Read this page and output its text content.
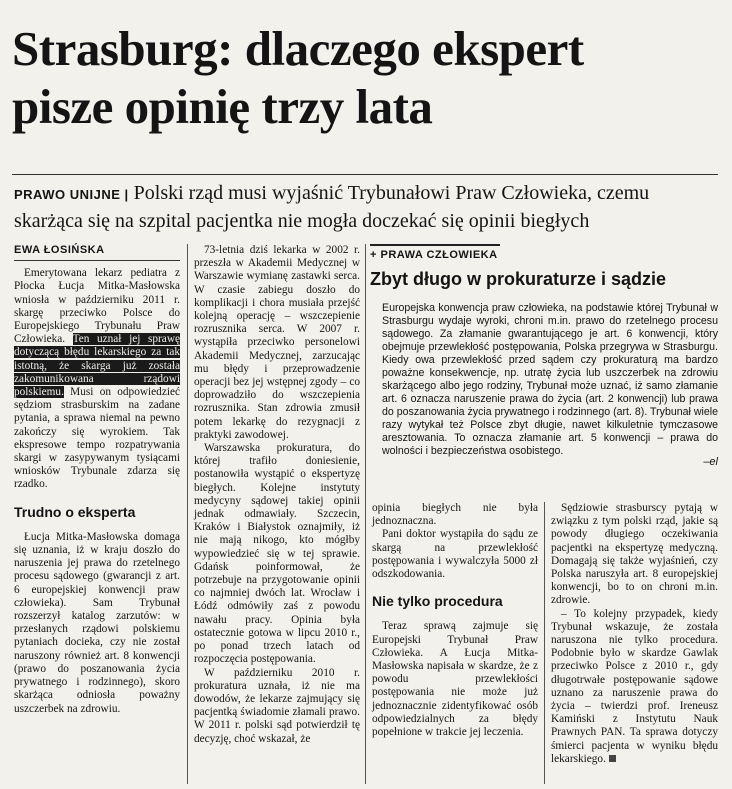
Strasburg: dlaczego ekspert
pisze opinię trzy lata
PRAWO UNIJNE | Polski rząd musi wyjaśnić Trybunałowi Praw Człowieka, czemu skarżąca się na szpital pacjentka nie mogła doczekać się opinii biegłych
EWA ŁOSIŃSKA

Emerytowana lekarz pediatra z Płocka Łucja Mitka-Masłowska wniosła w październiku 2011 r. skargę przeciwko Polsce do Europejskiego Trybunału Praw Człowieka. Ten uznał jej sprawę dotyczącą błędu lekarskiego za tak istotną, że skarga już została zakomunikowana rządowi polskiemu. Musi on odpowiedzieć sędziom strasburskim na zadane pytania, a sprawa niemal na pewno zakończy się wyrokiem. Tak ekspresowe tempo rozpatrywania skargi w zasypywanym tysiącami wniosków Trybunale zdarza się rzadko.

Trudno o eksperta

Łucja Mitka-Masłowska domaga się uznania, iż w kraju doszło do naruszenia jej prawa do rzetelnego procesu sądowego (gwarancji z art. 6 europejskiej konwencji praw człowieka). Sam Trybunał rozszerzył katalog zarzutów: w przesłanych rządowi polskiemu pytaniach docieka, czy nie został naruszony również art. 8 konwencji (prawo do poszanowania życia prywatnego i rodzinnego), skoro skarżąca odniosła poważny uszczerbek na zdrowiu.

73-letnia dziś lekarka w 2002 r. przeszła w Akademii Medycznej w Warszawie wymianę zastawki serca. W czasie zabiegu doszło do komplikacji i chora musiała przejść kolejną operację – wszczepienie rozrusznika serca. W 2007 r. wystąpiła przeciwko personelowi Akademii Medycznej, zarzucając mu błędy i przeprowadzenie operacji bez jej wstępnej zgody – co doprowadziło do wszczepienia rozrusznika. Stan zdrowia zmusił potem lekarkę do rezygnacji z praktyki zawodowej.

Warszawska prokuratura, do której trafiło doniesienie, postanowiła wystąpić o ekspertyzę biegłych. Kolejne instytuty medycyny sądowej takiej opinii jednak odmawiały. Szczecin, Kraków i Białystok oznajmiły, iż nie mają nikogo, kto mógłby wypowiedzieć się w tej sprawie. Gdańsk poinformował, że potrzebuje na przygotowanie opinii co najmniej dwóch lat. Wrocław i Łódź odmówiły zaś z powodu nawału pracy. Opinia była ostatecznie gotowa w lipcu 2010 r., po ponad trzech latach od rozpoczęcia postępowania.

W październiku 2010 r. prokuratura uznała, iż nie ma dowodów, że lekarze zajmujący się pacjentką świadomie złamali prawo. W 2011 r. polski sąd potwierdził tę decyzję, choć wskazał, że

+ PRAWA CZŁOWIEKA
Zbyt długo w prokuraturze i sądzie
Europejska konwencja praw człowieka, na podstawie której Trybunał w Strasburgu wydaje wyroki, chroni m.in. prawo do rzetelnego procesu sądowego. Za złamanie gwarantującego je art. 6 konwencji, który obejmuje przewlekłość postępowania, Polska przegrywa w Strasburgu. Kiedy owa przewlekłość przed sądem czy prokuraturą ma bardzo poważne konsekwencje, np. utratę życia lub uszczerbek na zdrowiu skarżącego albo jego rodziny, Trybunał może uznać, iż samo złamanie art. 6 oznacza naruszenie prawa do życia (art. 2 konwencji) lub prawa do poszanowania życia prywatnego i rodzinnego (art. 8). Trybunał wiele razy wytykał też Polsce zbyt długie, nawet kilkuletnie tymczasowe aresztowania. To oznacza złamanie art. 5 konwencji – prawa do wolności i bezpieczeństwa osobistego.
–el

opinia biegłych nie była jednoznaczna.

Pani doktor wystąpiła do sądu ze skargą na przewlekłość postępowania i wywalczyła 5000 zł odszkodowania.

Nie tylko procedura

Teraz sprawą zajmuje się Europejski Trybunał Praw Człowieka. A Łucja Mitka-Masłowska napisała w skardze, że z powodu przewlekłości postępowania nie może już jednoznacznie zidentyfikować osób odpowiedzialnych za błędy popełnione w trakcie jej leczenia.

Sędziowie strasburscy pytają w związku z tym polski rząd, jakie są powody długiego oczekiwania pacjentki na ekspertyzę medyczną. Domagają się także wyjaśnień, czy Polska naruszyła art. 8 europejskiej konwencji, bo to on chroni m.in. zdrowie.

– To kolejny przypadek, kiedy Trybunał wskazuje, że została naruszona nie tylko procedura. Podobnie było w skardze Gawlak przeciwko Polsce z 2010 r., gdy długotrwałe postępowanie sądowe uznano za naruszenie prawa do życia – twierdzi prof. Ireneusz Kamiński z Instytutu Nauk Prawnych PAN. Ta sprawa dotyczy śmierci pacjenta w wyniku błędu lekarskiego.
